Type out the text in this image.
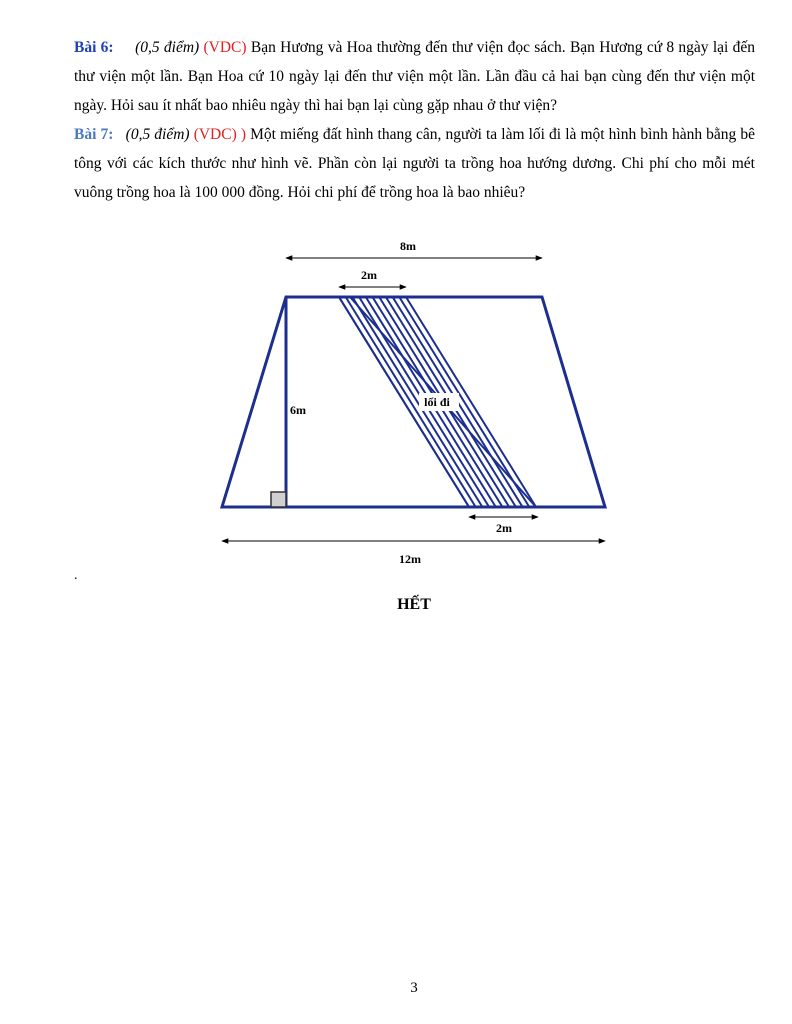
Bài 6: (0,5 điểm) (VDC) Bạn Hương và Hoa thường đến thư viện đọc sách. Bạn Hương cứ 8 ngày lại đến thư viện một lần. Bạn Hoa cứ 10 ngày lại đến thư viện một lần. Lần đầu cả hai bạn cùng đến thư viện một ngày. Hỏi sau ít nhất bao nhiêu ngày thì hai bạn lại cùng gặp nhau ở thư viện?
Bài 7: (0,5 điểm) (VDC) ) Một miếng đất hình thang cân, người ta làm lối đi là một hình bình hành bằng bê tông với các kích thước như hình vẽ. Phần còn lại người ta trồng hoa hướng dương. Chi phí cho mỗi mét vuông trồng hoa là 100 000 đồng. Hỏi chi phí để trồng hoa là bao nhiêu?
8m
2m
6m
lối đi
2m
12m
.
HẾT
3
